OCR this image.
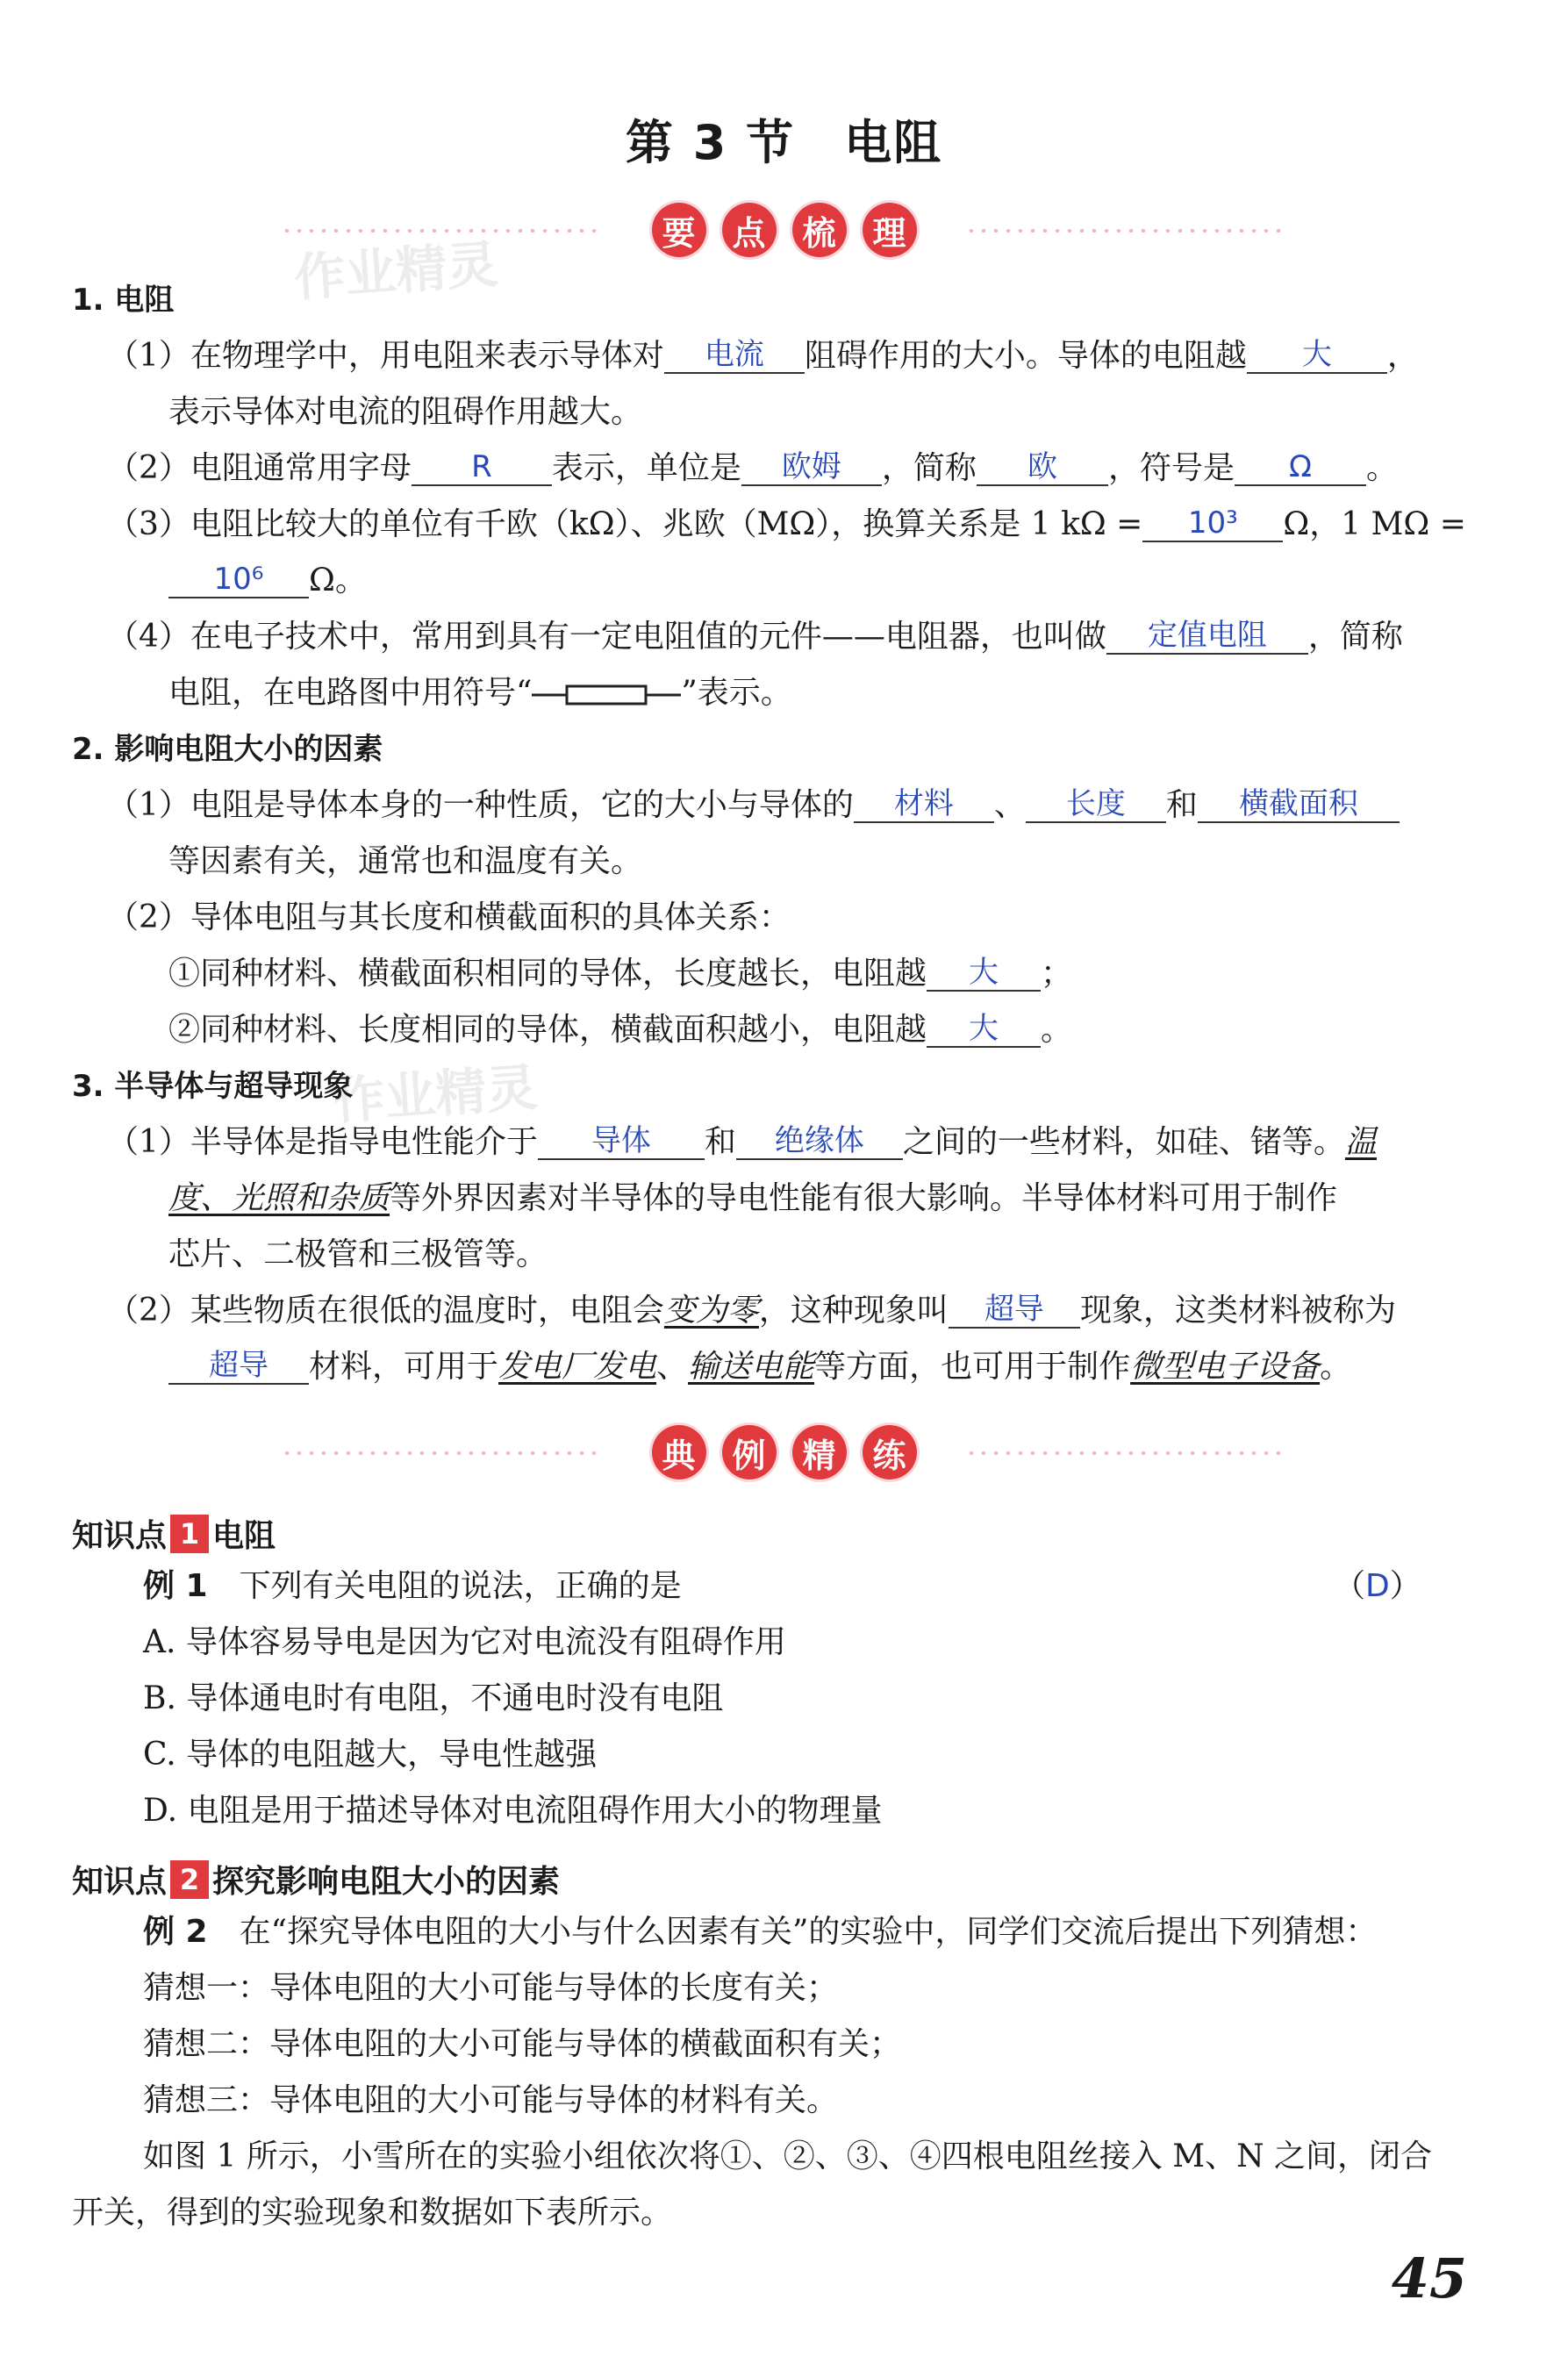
第 3 节　电阻
作业精灵
作业精灵
要	点	梳	理
1. 电阻
（1）在物理学中，用电阻来表示导体对 电流 阻碍作用的大小。导体的电阻越 大 ，
表示导体对电流的阻碍作用越大。
（2）电阻通常用字母 R 表示，单位是 欧姆 ，简称 欧 ，符号是 Ω 。
（3）电阻比较大的单位有千欧（kΩ）、兆欧（MΩ），换算关系是 1 kΩ = 10³ Ω，1 MΩ =
10⁶ Ω。
（4）在电子技术中，常用到具有一定电阻值的元件——电阻器，也叫做 定值电阻 ，简称
电阻，在电路图中用符号“	”表示。
2. 影响电阻大小的因素
（1）电阻是导体本身的一种性质，它的大小与导体的 材料 、 长度 和 横截面积
等因素有关，通常也和温度有关。
（2）导体电阻与其长度和横截面积的具体关系：
①同种材料、横截面积相同的导体，长度越长，电阻越 大 ；
②同种材料、长度相同的导体，横截面积越小，电阻越 大 。
3. 半导体与超导现象
（1）半导体是指导电性能介于 导体 和 绝缘体 之间的一些材料，如硅、锗等。温
度、光照和杂质等外界因素对半导体的导电性能有很大影响。半导体材料可用于制作
芯片、二极管和三极管等。
（2）某些物质在很低的温度时，电阻会变为零，这种现象叫 超导 现象，这类材料被称为
超导 材料，可用于发电厂发电、输送电能等方面，也可用于制作微型电子设备。
典	例	精	练
知识点 1 电阻
例 1　 下列有关电阻的说法，正确的是	（D）
A. 导体容易导电是因为它对电流没有阻碍作用
B. 导体通电时有电阻，不通电时没有电阻
C. 导体的电阻越大，导电性越强
D. 电阻是用于描述导体对电流阻碍作用大小的物理量
知识点 2 探究影响电阻大小的因素
例 2　 在“探究导体电阻的大小与什么因素有关”的实验中，同学们交流后提出下列猜想：
猜想一：导体电阻的大小可能与导体的长度有关；
猜想二：导体电阻的大小可能与导体的横截面积有关；
猜想三：导体电阻的大小可能与导体的材料有关。
如图 1 所示，小雪所在的实验小组依次将①、②、③、④四根电阻丝接入 M、N 之间，闭合
开关，得到的实验现象和数据如下表所示。
45
